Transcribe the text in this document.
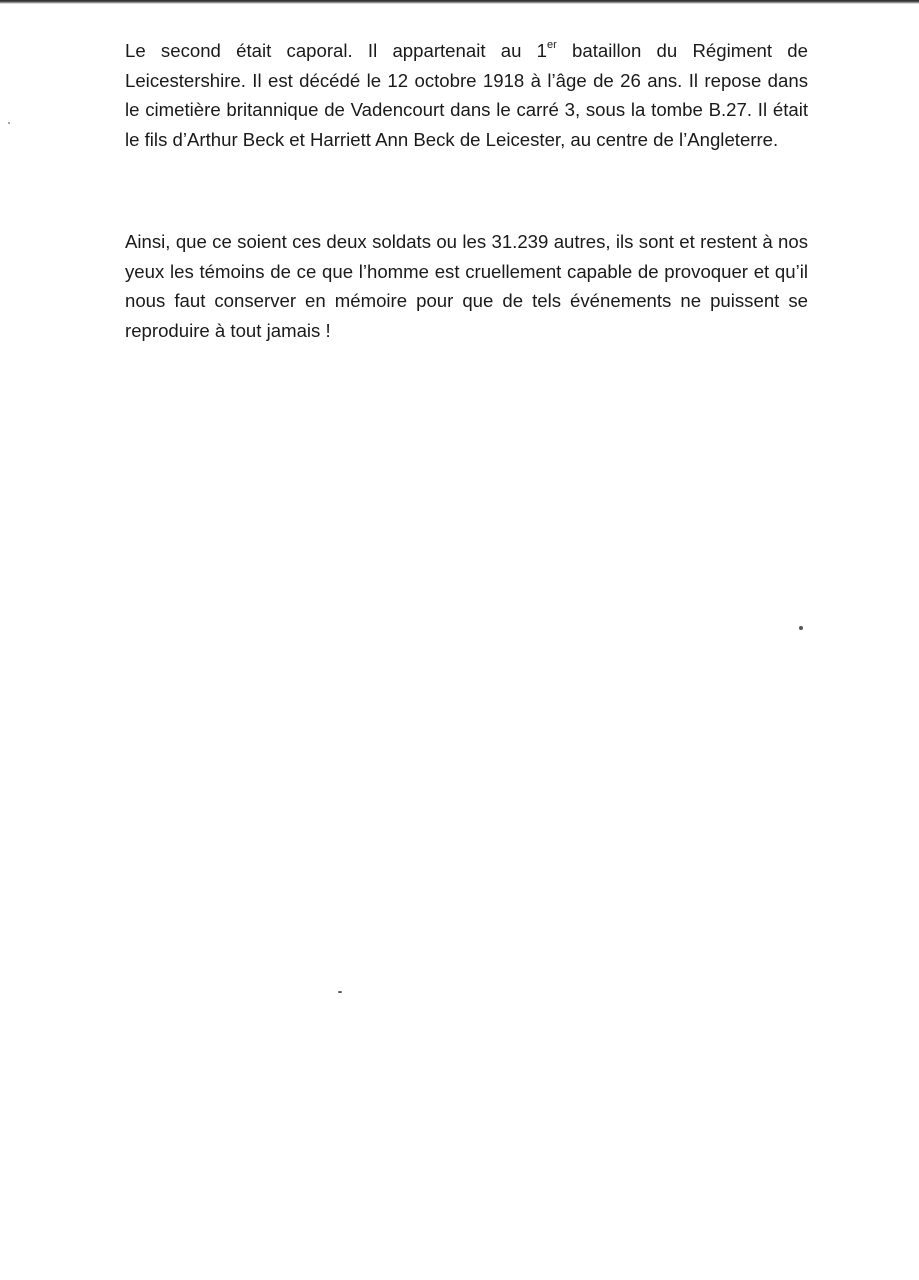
Le second était caporal. Il appartenait au 1er bataillon du Régiment de Leicestershire. Il est décédé le 12 octobre 1918 à l’âge de 26 ans. Il repose dans le cimetière britannique de Vadencourt dans le carré 3, sous la tombe B.27. Il était le fils d’Arthur Beck et Harriett Ann Beck de Leicester, au centre de l’Angleterre.

Ainsi, que ce soient ces deux soldats ou les 31.239 autres, ils sont et restent à nos yeux les témoins de ce que l’homme est cruellement capable de provoquer et qu’il nous faut conserver en mémoire pour que de tels événements ne puissent se reproduire à tout jamais !
